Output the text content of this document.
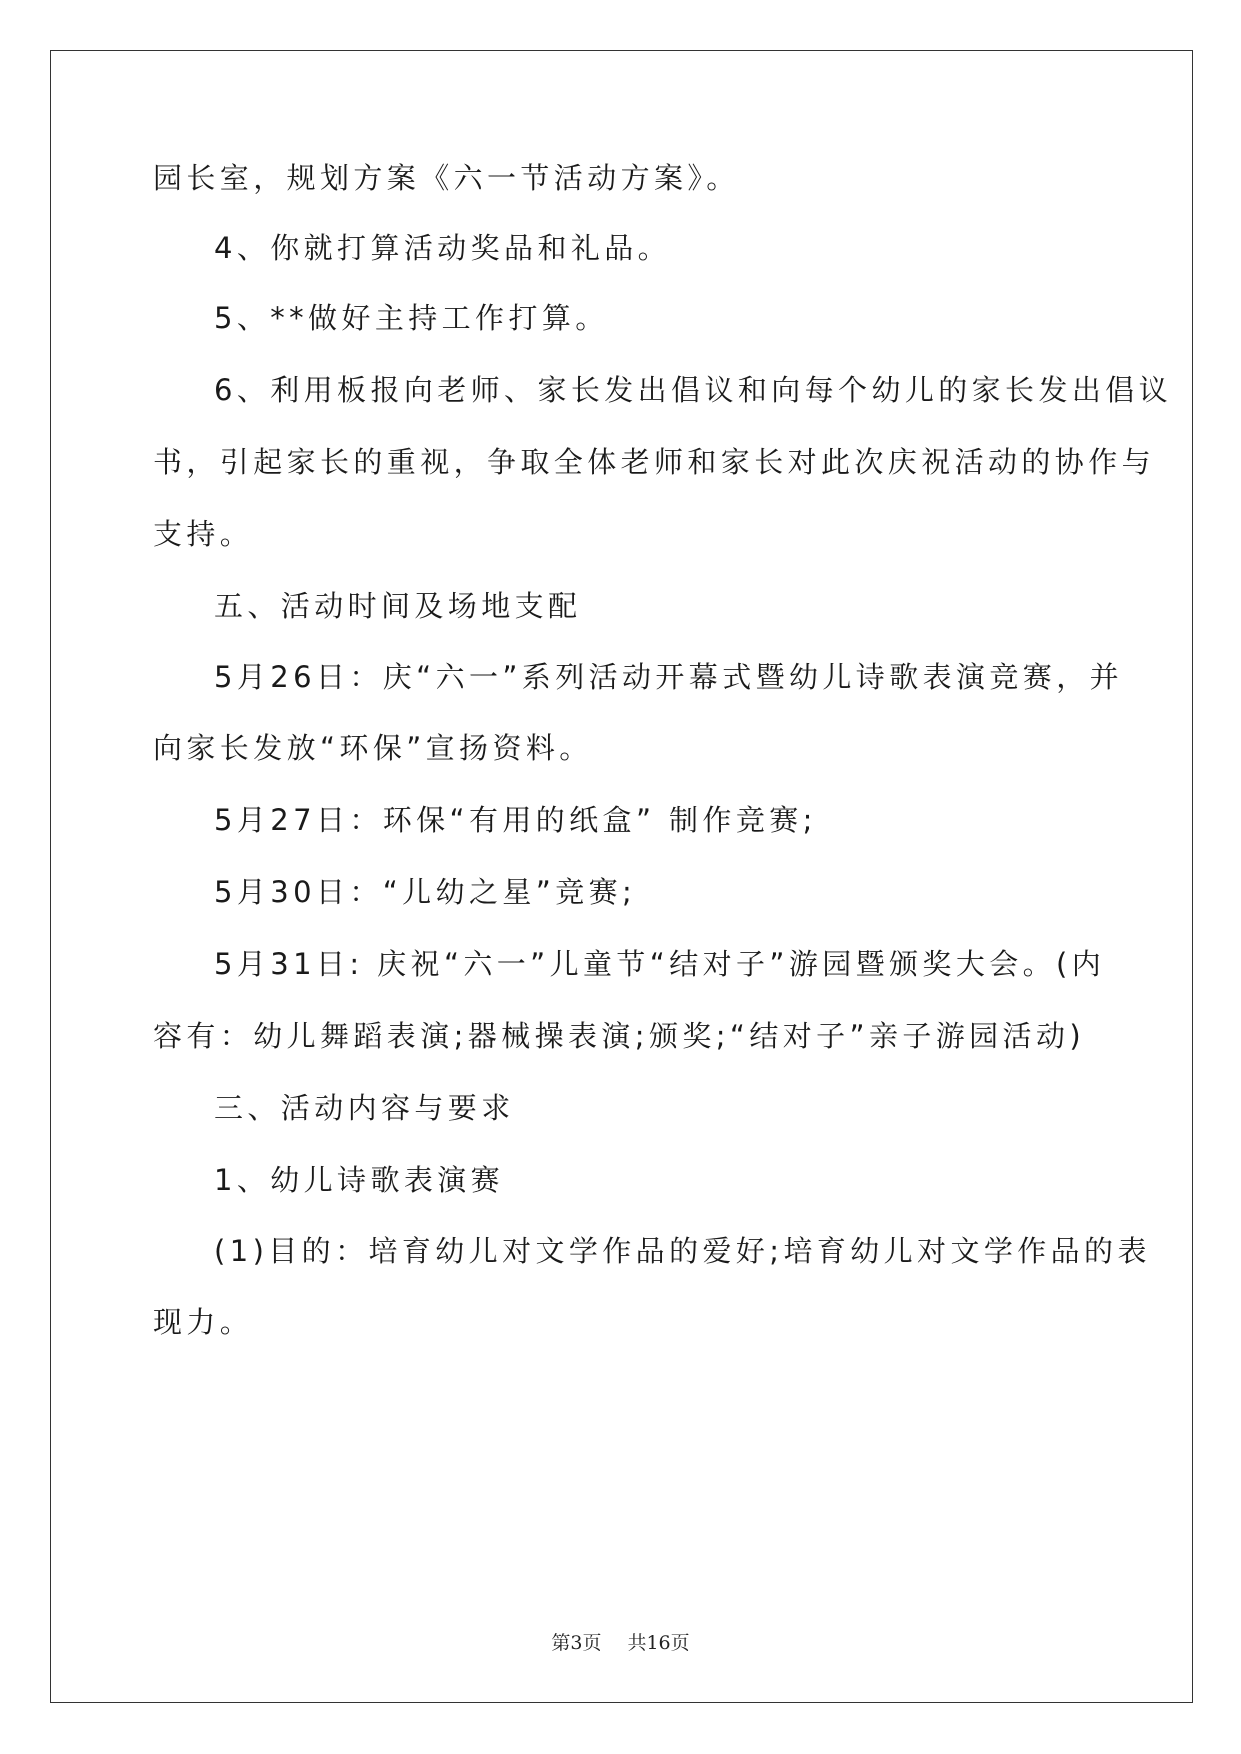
园长室，规划方案《六一节活动方案》。
4、你就打算活动奖品和礼品。
5、**做好主持工作打算。
6、利用板报向老师、家长发出倡议和向每个幼儿的家长发出倡议
书，引起家长的重视，争取全体老师和家长对此次庆祝活动的协作与
支持。
五、活动时间及场地支配
5月26日：庆“六一”系列活动开幕式暨幼儿诗歌表演竞赛，并
向家长发放“环保”宣扬资料。
5月27日：环保“有用的纸盒” 制作竞赛;
5月30日：“儿幼之星”竞赛;
5月31日: 庆祝“六一”儿童节“结对子”游园暨颁奖大会。(内
容有：幼儿舞蹈表演;器械操表演;颁奖;“结对子”亲子游园活动)
三、活动内容与要求
1、幼儿诗歌表演赛
(1)目的：培育幼儿对文学作品的爱好;培育幼儿对文学作品的表
现力。
第3页 共16页
